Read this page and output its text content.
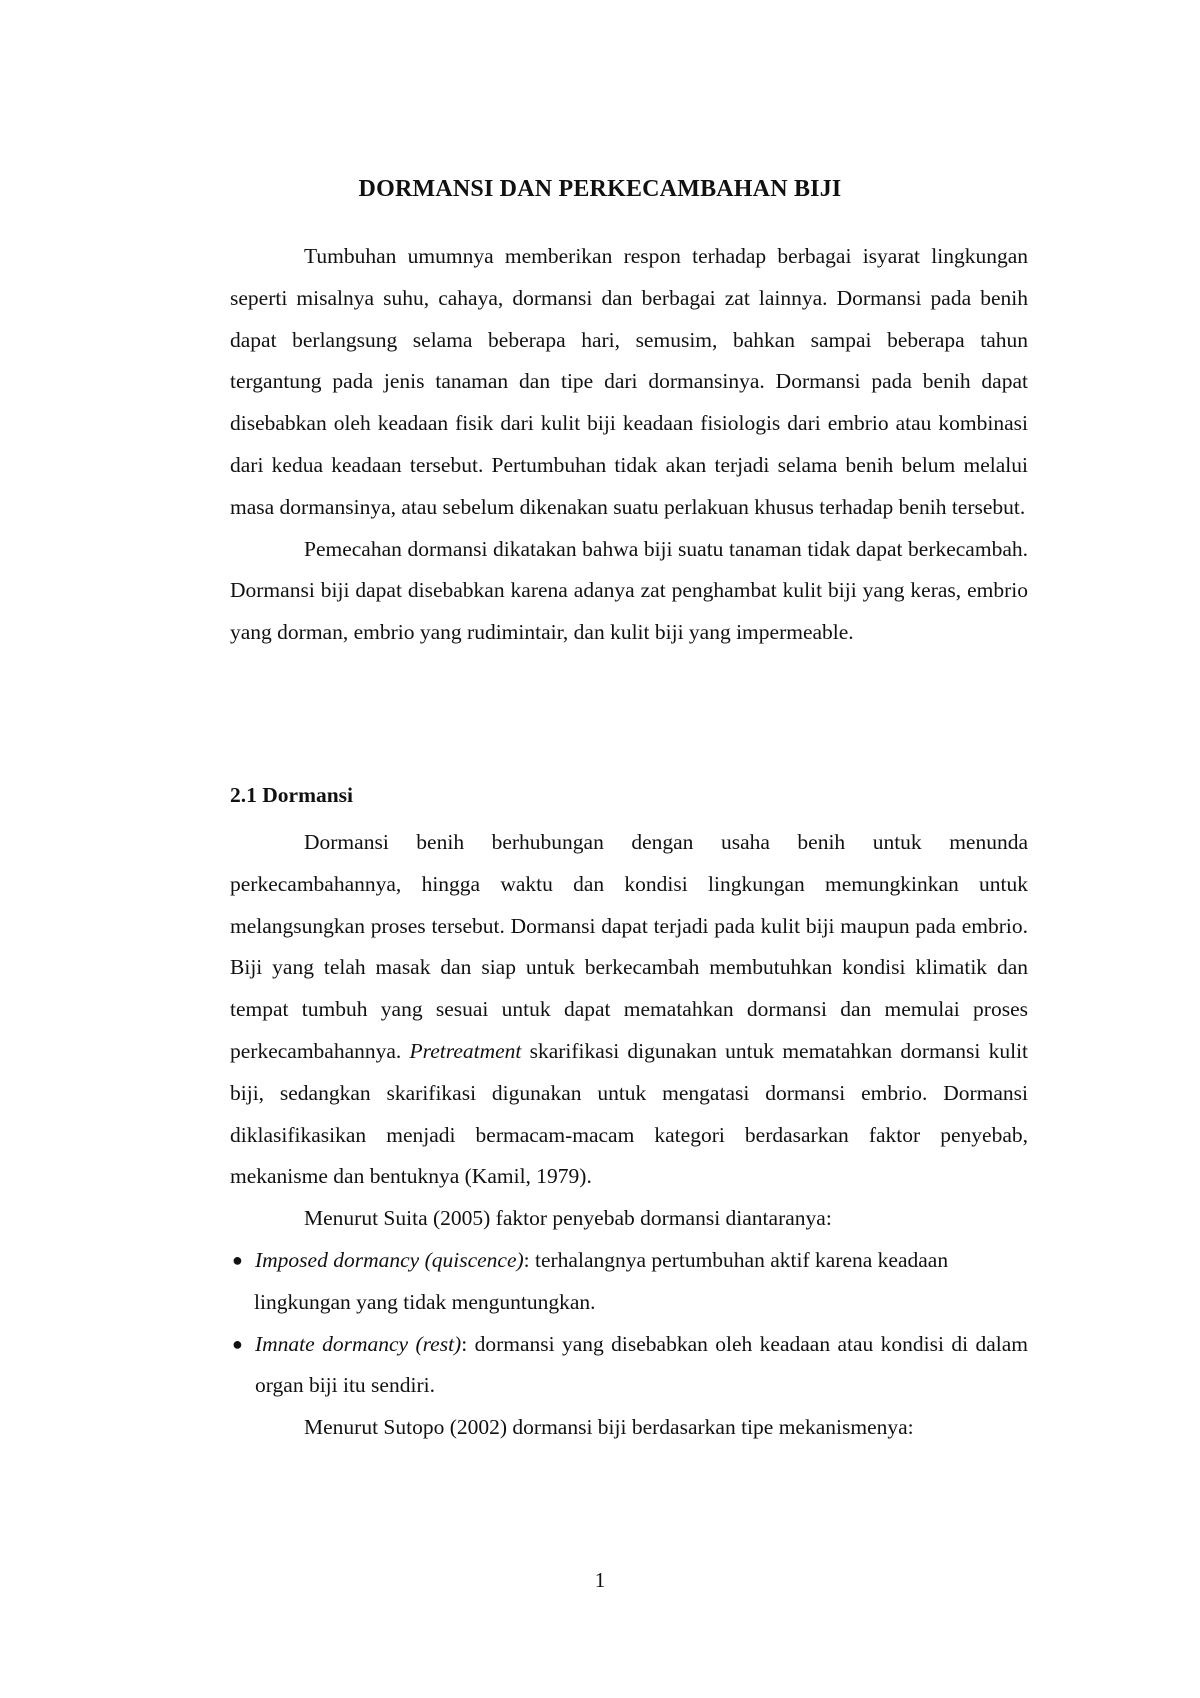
DORMANSI DAN PERKECAMBAHAN BIJI

Tumbuhan umumnya memberikan respon terhadap berbagai isyarat lingkungan seperti misalnya suhu, cahaya, dormansi dan berbagai zat lainnya. Dormansi pada benih dapat berlangsung selama beberapa hari, semusim, bahkan sampai beberapa tahun tergantung pada jenis tanaman dan tipe dari dormansinya. Dormansi pada benih dapat disebabkan oleh keadaan fisik dari kulit biji keadaan fisiologis dari embrio atau kombinasi dari kedua keadaan tersebut. Pertumbuhan tidak akan terjadi selama benih belum melalui masa dormansinya, atau sebelum dikenakan suatu perlakuan khusus terhadap benih tersebut.

Pemecahan dormansi dikatakan bahwa biji suatu tanaman tidak dapat berkecambah. Dormansi biji dapat disebabkan karena adanya zat penghambat kulit biji yang keras, embrio yang dorman, embrio yang rudimintair, dan kulit biji yang impermeable.

2.1 Dormansi

Dormansi benih berhubungan dengan usaha benih untuk menunda perkecambahannya, hingga waktu dan kondisi lingkungan memungkinkan untuk melangsungkan proses tersebut. Dormansi dapat terjadi pada kulit biji maupun pada embrio. Biji yang telah masak dan siap untuk berkecambah membutuhkan kondisi klimatik dan tempat tumbuh yang sesuai untuk dapat mematahkan dormansi dan memulai proses perkecambahannya. Pretreatment skarifikasi digunakan untuk mematahkan dormansi kulit biji, sedangkan skarifikasi digunakan untuk mengatasi dormansi embrio. Dormansi diklasifikasikan menjadi bermacam-macam kategori berdasarkan faktor penyebab, mekanisme dan bentuknya (Kamil, 1979).

Menurut Suita (2005) faktor penyebab dormansi diantaranya:

● Imposed dormancy (quiscence): terhalangnya pertumbuhan aktif karena keadaan
lingkungan yang tidak menguntungkan.
● Imnate dormancy (rest): dormansi yang disebabkan oleh keadaan atau kondisi di dalam organ biji itu sendiri.

Menurut Sutopo (2002) dormansi biji berdasarkan tipe mekanismenya:

1
